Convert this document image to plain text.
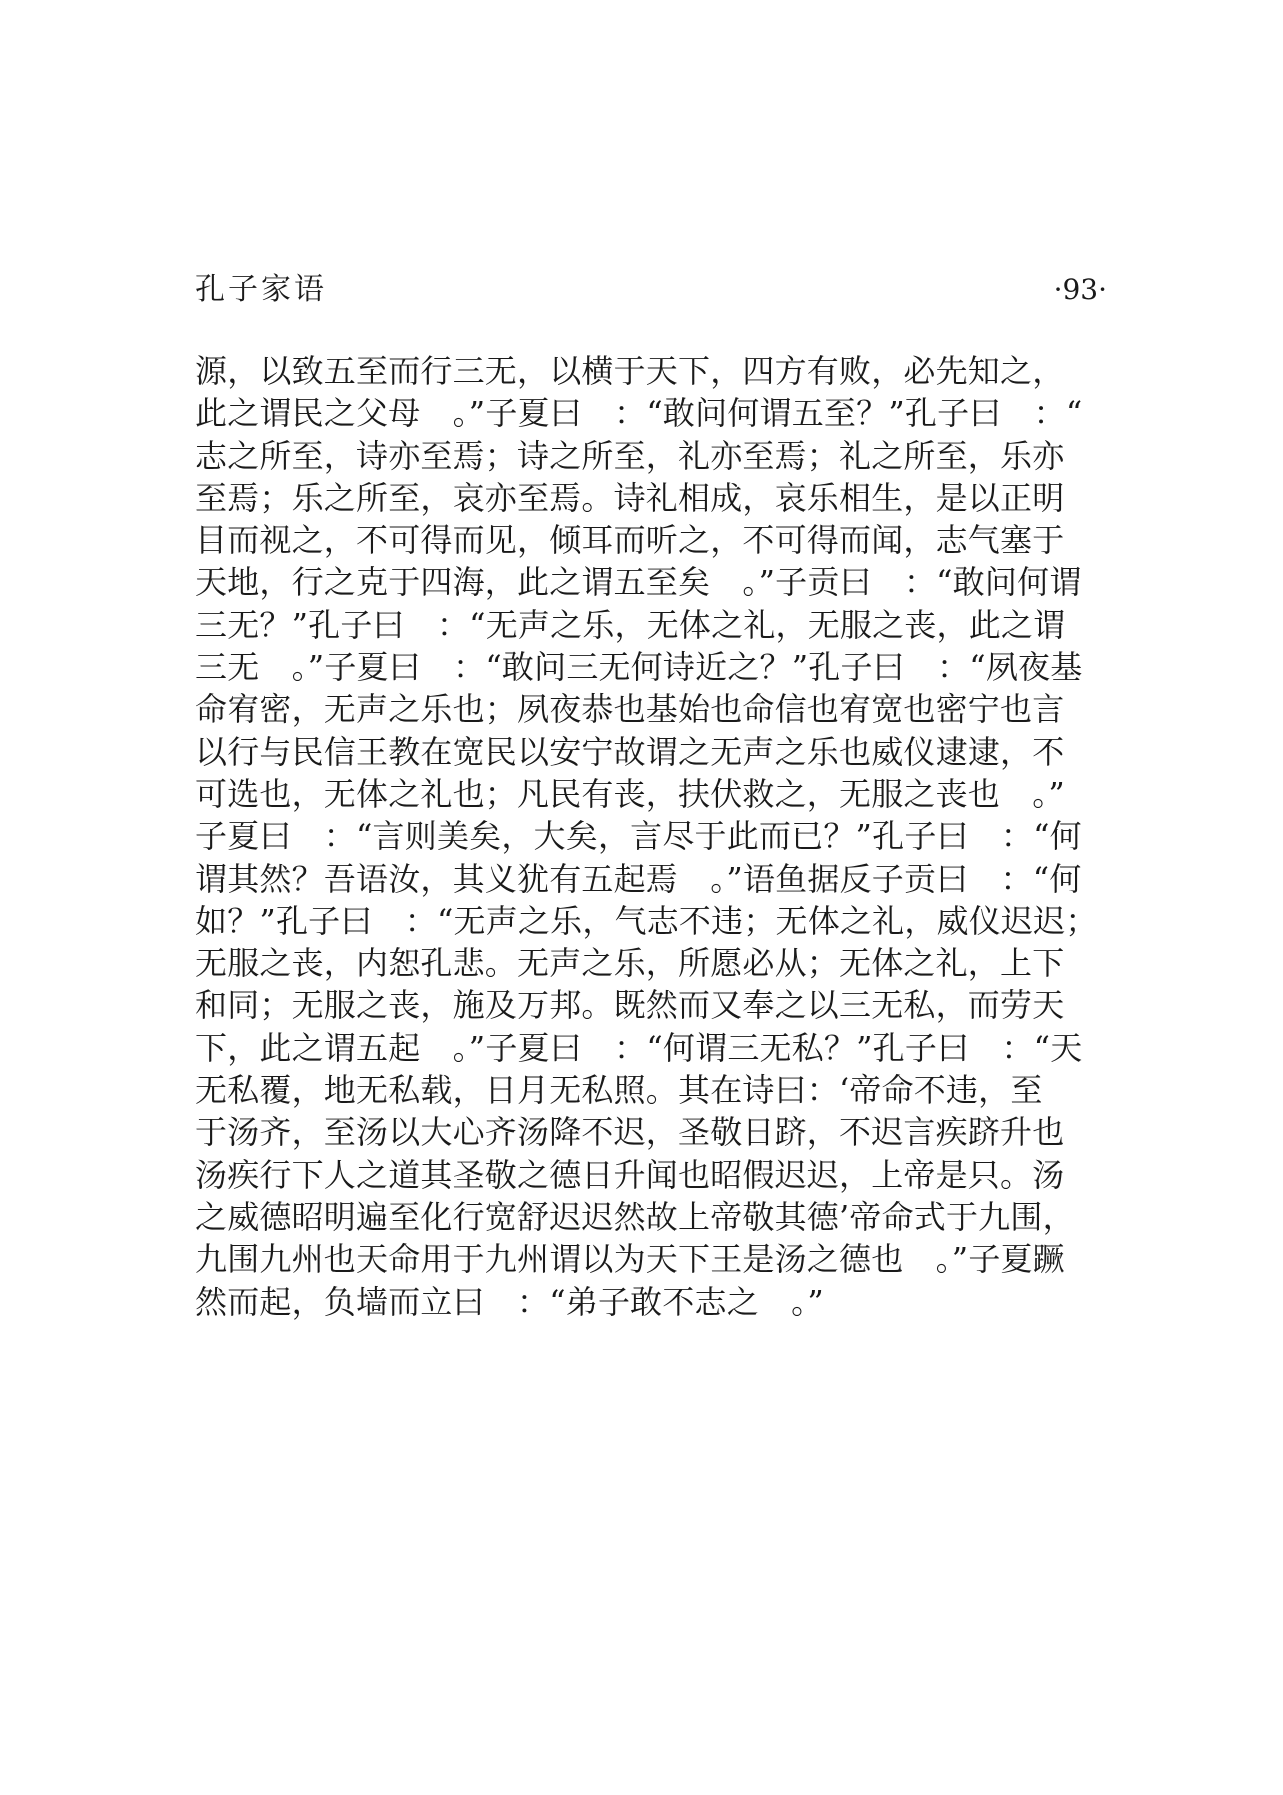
孔子家语	·93·
源，以致五至而行三无，以横于天下，四方有败，必先知之，
此之谓民之父母　。”子夏曰　：“敢问何谓五至？”孔子曰　：“
志之所至，诗亦至焉；诗之所至，礼亦至焉；礼之所至，乐亦
至焉；乐之所至，哀亦至焉。诗礼相成，哀乐相生，是以正明
目而视之，不可得而见，倾耳而听之，不可得而闻，志气塞于
天地，行之克于四海，此之谓五至矣　。”子贡曰　：“敢问何谓
三无？”孔子曰　：“无声之乐，无体之礼，无服之丧，此之谓
三无　。”子夏曰　：“敢问三无何诗近之？”孔子曰　：“夙夜基
命宥密，无声之乐也；夙夜恭也基始也命信也宥宽也密宁也言
以行与民信王教在宽民以安宁故谓之无声之乐也威仪逮逮，不
可选也，无体之礼也；凡民有丧，扶伏救之，无服之丧也　。”
子夏曰　：“言则美矣，大矣，言尽于此而已？”孔子曰　：“何
谓其然？吾语汝，其义犹有五起焉　。”语鱼据反子贡曰　：“何
如？”孔子曰　：“无声之乐，气志不违；无体之礼，威仪迟迟；
无服之丧，内恕孔悲。无声之乐，所愿必从；无体之礼，上下
和同；无服之丧，施及万邦。既然而又奉之以三无私，而劳天
下，此之谓五起　。”子夏曰　：“何谓三无私？”孔子曰　：“天
无私覆，地无私载，日月无私照。其在诗曰：‘帝命不违，至
于汤齐，至汤以大心齐汤降不迟，圣敬日跻，不迟言疾跻升也
汤疾行下人之道其圣敬之德日升闻也昭假迟迟，上帝是只。汤
之威德昭明遍至化行宽舒迟迟然故上帝敬其德’帝命式于九围，
九围九州也天命用于九州谓以为天下王是汤之德也　。”子夏蹶
然而起，负墙而立曰　：“弟子敢不志之　。”
